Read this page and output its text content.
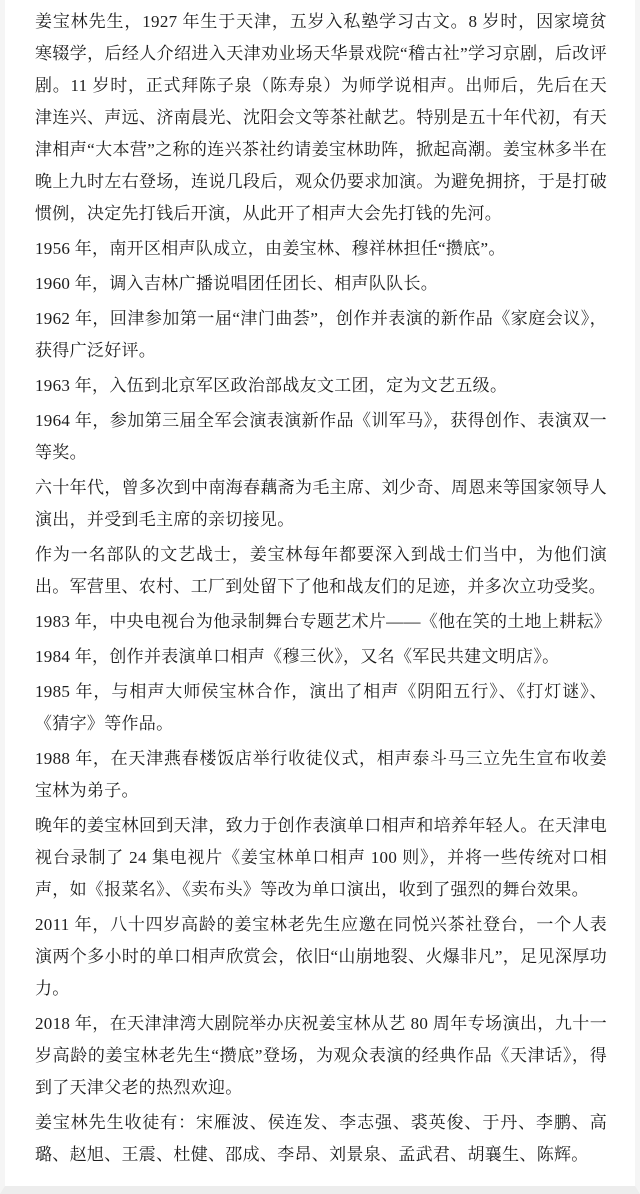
姜宝林先生，1927 年生于天津，五岁入私塾学习古文。8 岁时，因家境贫寒辍学，后经人介绍进入天津劝业场天华景戏院“稽古社”学习京剧，后改评剧。11 岁时，正式拜陈子泉（陈寿泉）为师学说相声。出师后，先后在天津连兴、声远、济南晨光、沈阳会文等茶社献艺。特别是五十年代初，有天津相声“大本营”之称的连兴茶社约请姜宝林助阵，掀起高潮。姜宝林多半在晚上九时左右登场，连说几段后，观众仍要求加演。为避免拥挤，于是打破惯例，决定先打钱后开演，从此开了相声大会先打钱的先河。

1956 年，南开区相声队成立，由姜宝林、穆祥林担任“攒底”。

1960 年，调入吉林广播说唱团任团长、相声队队长。

1962 年，回津参加第一届“津门曲荟”，创作并表演的新作品《家庭会议》，获得广泛好评。

1963 年，入伍到北京军区政治部战友文工团，定为文艺五级。

1964 年，参加第三届全军会演表演新作品《训军马》，获得创作、表演双一等奖。

六十年代，曾多次到中南海春藕斋为毛主席、刘少奇、周恩来等国家领导人演出，并受到毛主席的亲切接见。

作为一名部队的文艺战士，姜宝林每年都要深入到战士们当中，为他们演出。军营里、农村、工厂到处留下了他和战友们的足迹，并多次立功受奖。

1983 年，中央电视台为他录制舞台专题艺术片——《他在笑的土地上耕耘》

1984 年，创作并表演单口相声《穆三伙》，又名《军民共建文明店》。

1985 年，与相声大师侯宝林合作，演出了相声《阴阳五行》、《打灯谜》、《猜字》等作品。

1988 年，在天津燕春楼饭店举行收徒仪式，相声泰斗马三立先生宣布收姜宝林为弟子。

晚年的姜宝林回到天津，致力于创作表演单口相声和培养年轻人。在天津电视台录制了 24 集电视片《姜宝林单口相声 100 则》，并将一些传统对口相声，如《报菜名》、《卖布头》等改为单口演出，收到了强烈的舞台效果。

2011 年，八十四岁高龄的姜宝林老先生应邀在同悦兴茶社登台，一个人表演两个多小时的单口相声欣赏会，依旧“山崩地裂、火爆非凡”，足见深厚功力。

2018 年，在天津津湾大剧院举办庆祝姜宝林从艺 80 周年专场演出，九十一岁高龄的姜宝林老先生“攒底”登场，为观众表演的经典作品《天津话》，得到了天津父老的热烈欢迎。

姜宝林先生收徒有：宋雁波、侯连发、李志强、裘英俊、于丹、李鹏、高璐、赵旭、王震、杜健、邵成、李昂、刘景泉、孟武君、胡襄生、陈辉。
